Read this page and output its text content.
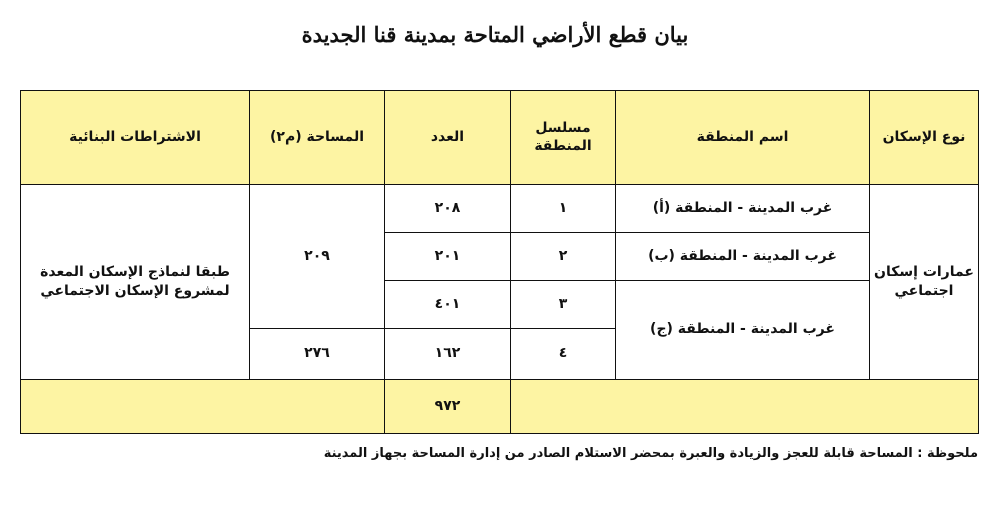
بيان قطع الأراضي المتاحة بمدينة قنا الجديدة
نوع الإسكان	اسم المنطقة	مسلسل المنطقة	العدد	المساحة (م٢)	الاشتراطات البنائية
عمارات إسكان اجتماعي	غرب المدينة - المنطقة (أ)	١	٢٠٨	٢٠٩	طبقا لنماذج الإسكان المعدة لمشروع الإسكان الاجتماعي
	غرب المدينة - المنطقة (ب)	٢	٢٠١		
	غرب المدينة - المنطقة (ج)	٣	٤٠١		
		٤	١٦٢	٢٧٦	
			٩٧٢		
ملحوظة : المساحة قابلة للعجز والزيادة والعبرة بمحضر الاستلام الصادر من إدارة المساحة بجهاز المدينة
